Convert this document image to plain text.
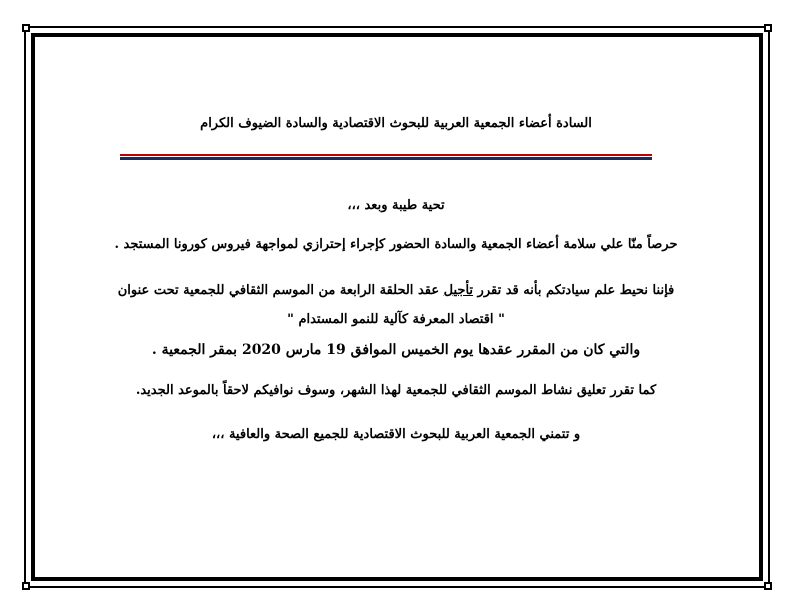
السادة أعضاء الجمعية العربية للبحوث الاقتصادية والسادة الضيوف الكرام
تحية طيبة وبعد ،،،
حرصاً منّا علي سلامة أعضاء الجمعية والسادة الحضور كإجراء إحترازي لمواجهة فيروس كورونا المستجد .
فإننا نحيط علم سيادتكم بأنه قد تقرر تأجيل عقد الحلقة الرابعة من الموسم الثقافي للجمعية تحت عنوان
" اقتصاد المعرفة كآلية للنمو المستدام "
والتي كان من المقرر عقدها يوم الخميس الموافق 19 مارس 2020 بمقر الجمعية .
كما تقرر تعليق نشاط الموسم الثقافي للجمعية لهذا الشهر، وسوف نوافيكم لاحقاً بالموعد الجديد.
و تتمني الجمعية العربية للبحوث الاقتصادية للجميع الصحة والعافية ،،،
